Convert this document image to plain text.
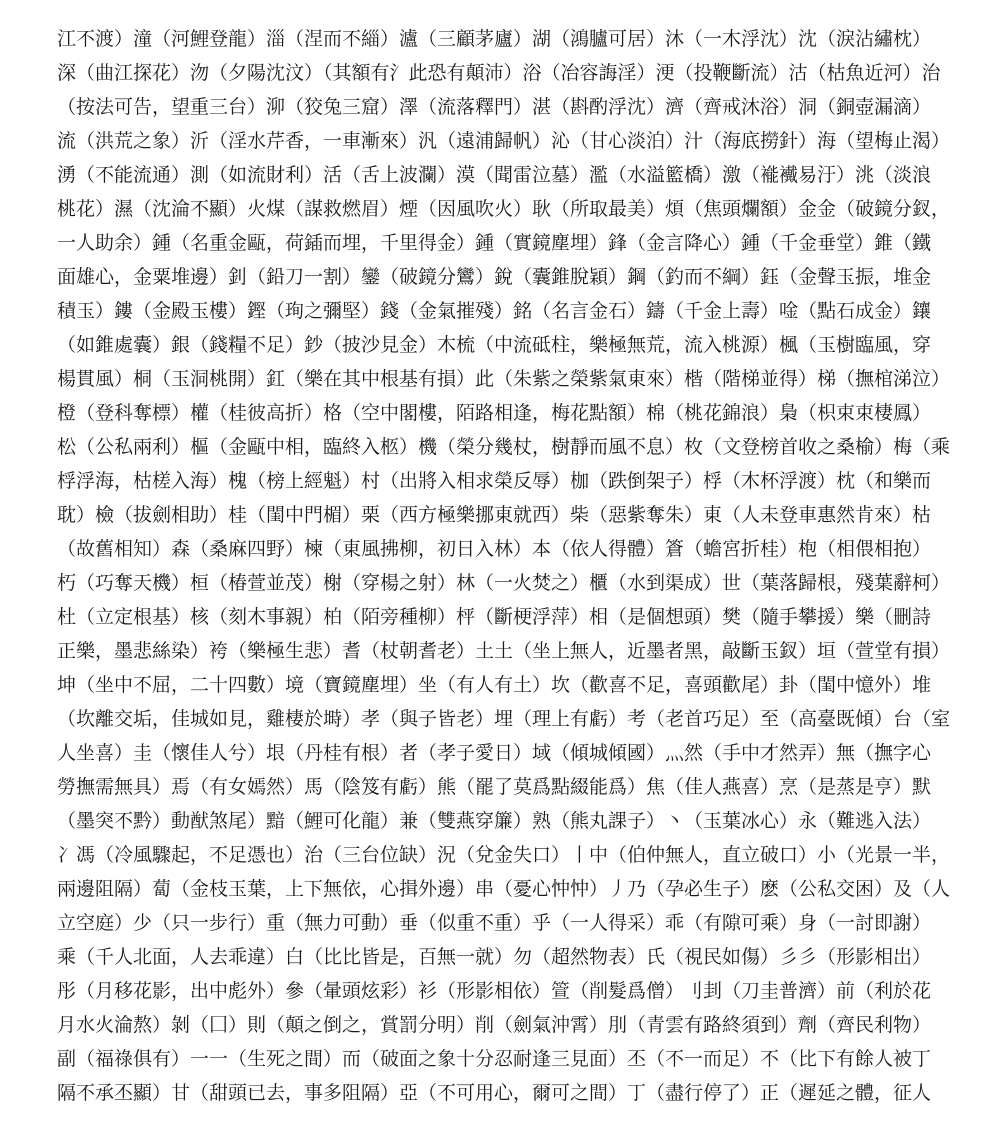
江不渡）潼（河鯉登龍）淄（涅而不緇）瀘（三顧茅廬）湖（鴻臚可居）沐（一木浮沈）沈（淚沾繡枕）
深（曲江探花）沕（夕陽沈汶）（其額有氵此恐有顛沛）浴（冶容誨淫）浭（投鞭斷流）沽（枯魚近河）治
（按法可告，望重三台）泖（狡兔三窟）澤（流落釋門）湛（斟酌浮沈）濟（齊戒沐浴）洞（銅壺漏滴）
流（洪荒之象）沂（淫水芹香，一車漸來）汎（遠浦歸帆）沁（甘心淡泊）汁（海底撈針）海（望梅止渴）
湧（不能流通）測（如流財利）活（舌上波瀾）漠（聞雷泣墓）濫（水溢籃橋）激（褦襶易汙）洮（淡浪
桃花）濕（沈淪不顯）火煤（謀救燃眉）煙（因風吹火）耿（所取最美）煩（焦頭爛額）金金（破鏡分釵，
一人助余）鍾（名重金甌，荷鍤而埋，千里得金）鍾（實鏡塵埋）鋒（金言降心）鍾（千金垂堂）錐（鐵
面雄心，金粟堆邊）釗（鉛刀一割）鑾（破鏡分鸞）銳（囊錐脫穎）鋼（釣而不綱）鈺（金聲玉振，堆金
積玉）鏤（金殿玉樓）鏗（珣之彌堅）錢（金氣摧殘）銘（名言金石）鑄（千金上壽）唫（點石成金）鑲
（如錐處囊）銀（錢糧不足）鈔（披沙見金）木梳（中流砥柱，樂極無荒，流入桃源）楓（玉樹臨風，穿
楊貫風）桐（玉洞桃開）釭（樂在其中根基有損）此（朱紫之榮紫氣東來）楷（階梯並得）梯（撫棺涕泣）
橙（登科奪標）權（桂彼高折）格（空中閣樓，陌路相逢，梅花點額）棉（桃花錦浪）梟（枳束束棲鳳）
松（公私兩利）樞（金甌中相，臨終入柩）機（榮分幾杖，樹靜而風不息）枚（文登榜首收之桑榆）梅（乘
桴浮海，枯槎入海）槐（榜上經魁）村（出將入相求榮反辱）枷（跌倒架子）桴（木杯浮渡）枕（和樂而
耽）檢（拔劍相助）桂（閨中門楣）栗（西方極樂挪東就西）柴（惡紫奪朱）東（人未登車惠然肯來）枯
（故舊相知）森（桑麻四野）楝（東風拂柳，初日入林）本（依人得體）篬（蟾宮折桂）枹（相偎相抱）
朽（巧奪天機）桓（椿萱並茂）榭（穿楊之射）林（一火焚之）櫃（水到渠成）世（葉落歸根，殘葉辭柯）
杜（立定根基）核（刻木事親）柏（陌旁種柳）枰（斷梗浮萍）相（是個想頭）樊（隨手攀援）樂（刪詩
正樂，墨悲絲染）袴（樂極生悲）耆（杖朝耆老）土土（坐上無人，近墨者黑，敲斷玉釵）垣（萱堂有損）
坤（坐中不屈，二十四數）境（寶鏡塵埋）坐（有人有土）坎（歡喜不足，喜頭歡尾）卦（閨中憶外）堆
（坎離交垢，佳城如見，雞棲於塒）孝（與子皆老）埋（理上有虧）考（老首巧足）至（高臺既傾）台（室
人坐喜）圭（懷佳人兮）垠（丹桂有根）者（孝子愛日）域（傾城傾國）灬然（手中才然弄）無（撫字心
勞撫需無具）焉（有女嫣然）馬（陰笈有虧）熊（罷了莫爲點綴能爲）焦（佳人燕喜）烹（是蒸是亨）默
（墨突不黔）動猷煞尾）黯（鯉可化龍）兼（雙燕穿簾）熟（熊丸課子）丶（玉葉冰心）永（難逃入法）
冫馮（冷風驟起，不足憑也）治（三台位缺）況（兌金失口）丨中（伯仲無人，直立破口）小（光景一半，
兩邊阻隔）蔔（金枝玉葉，上下無依，心揖外邊）串（憂心忡忡）丿乃（孕必生子）麽（公私交困）及（人
立空庭）少（只一步行）重（無力可動）垂（似重不重）乎（一人得采）乖（有隙可乘）身（一討即謝）
乘（千人北面，人去乖違）白（比比皆是，百無一就）勿（超然物表）氏（視民如傷）彡彡（形影相岀）
彤（月移花影，出中彪外）參（暈頭炫彩）衫（形影相依）箮（削髮爲僧）刂刲（刀圭普濟）前（利於花
月水火淪熬）剝（囗）則（顛之倒之，賞罰分明）削（劍氣沖霄）刖（青雲有路終須到）劑（齊民利物）
副（福祿俱有）一一（生死之間）而（破面之象十分忍耐逢三見面）丕（不一而足）不（比下有餘人被丁
隔不承丕顯）甘（甜頭已去，事多阻隔）亞（不可用心，爾可之間）丁（盡行停了）正（遲延之體，征人
